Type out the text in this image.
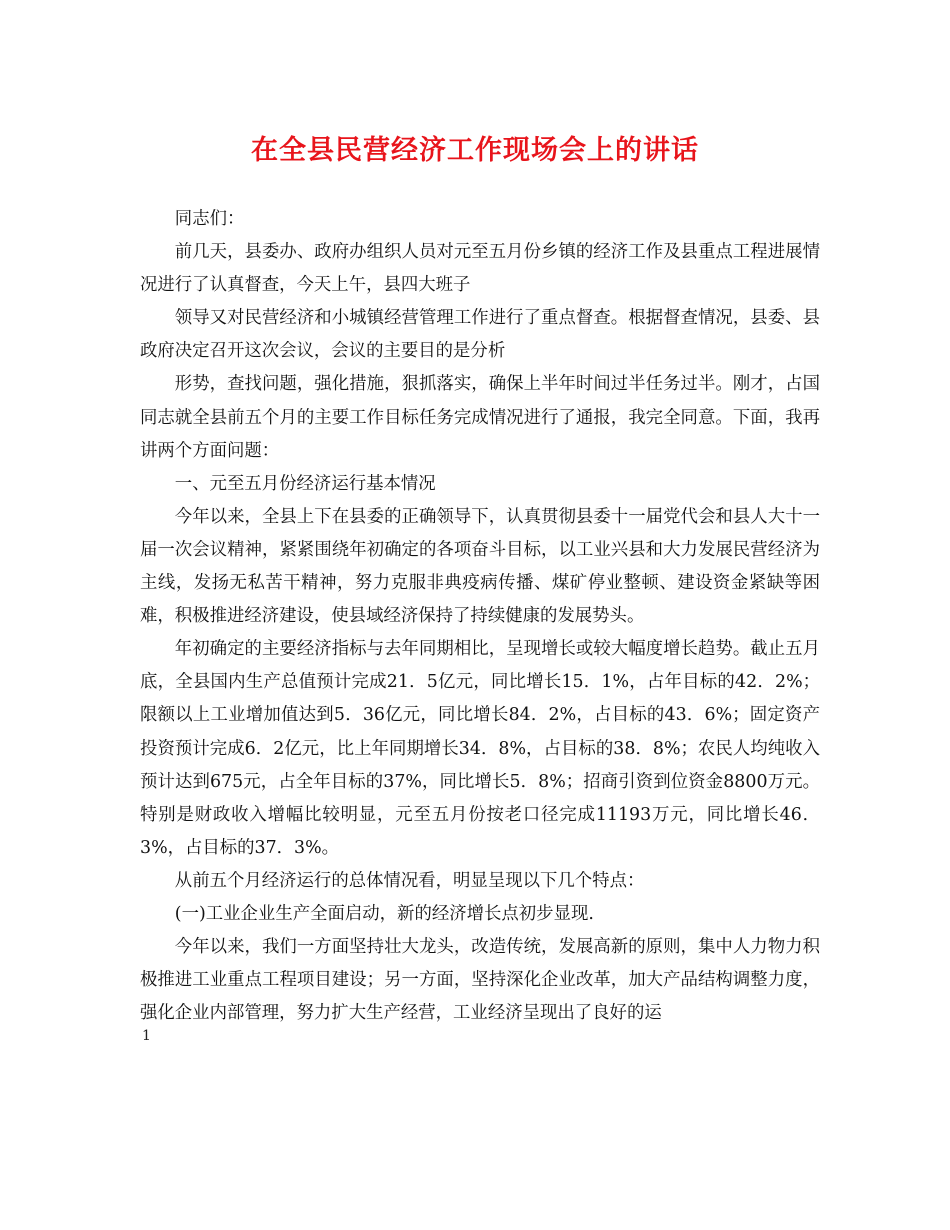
在全县民营经济工作现场会上的讲话

同志们：

前几天，县委办、政府办组织人员对元至五月份乡镇的经济工作及县重点工程进展情况进行了认真督查，今天上午，县四大班子

领导又对民营经济和小城镇经营管理工作进行了重点督查。根据督查情况，县委、县政府决定召开这次会议，会议的主要目的是分析

形势，查找问题，强化措施，狠抓落实，确保上半年时间过半任务过半。刚才，占国同志就全县前五个月的主要工作目标任务完成情况进行了通报，我完全同意。下面，我再讲两个方面问题：

一、元至五月份经济运行基本情况

今年以来，全县上下在县委的正确领导下，认真贯彻县委十一届党代会和县人大十一届一次会议精神，紧紧围绕年初确定的各项奋斗目标，以工业兴县和大力发展民营经济为主线，发扬无私苦干精神，努力克服非典疫病传播、煤矿停业整顿、建设资金紧缺等困难，积极推进经济建设，使县域经济保持了持续健康的发展势头。

年初确定的主要经济指标与去年同期相比，呈现增长或较大幅度增长趋势。截止五月底，全县国内生产总值预计完成21．5亿元，同比增长15．1%，占年目标的42．2%；限额以上工业增加值达到5．36亿元，同比增长84．2%，占目标的43．6%；固定资产投资预计完成6．2亿元，比上年同期增长34．8%，占目标的38．8%；农民人均纯收入预计达到675元，占全年目标的37%，同比增长5．8%；招商引资到位资金8800万元。特别是财政收入增幅比较明显，元至五月份按老口径完成11193万元，同比增长46．3%，占目标的37．3%。

从前五个月经济运行的总体情况看，明显呈现以下几个特点：

(一)工业企业生产全面启动，新的经济增长点初步显现.

今年以来，我们一方面坚持壮大龙头，改造传统，发展高新的原则，集中人力物力积极推进工业重点工程项目建设；另一方面，坚持深化企业改革，加大产品结构调整力度，强化企业内部管理，努力扩大生产经营，工业经济呈现出了良好的运

1
